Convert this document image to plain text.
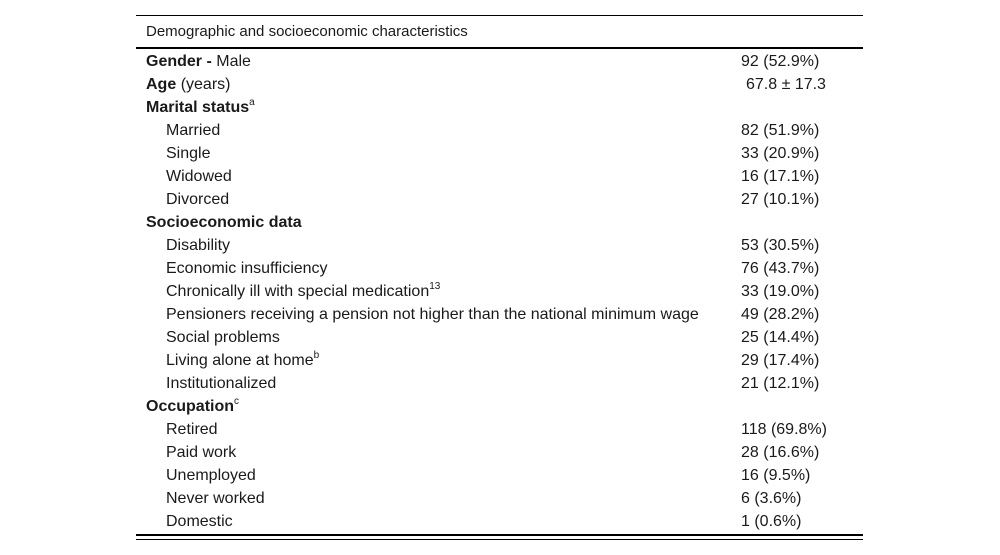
Demographic and socioeconomic characteristics
Gender - Male	92 (52.9%)
Age (years)	67.8 ± 17.3
Marital status$^a$
Married	82 (51.9%)
Single	33 (20.9%)
Widowed	16 (17.1%)
Divorced	27 (10.1%)
Socioeconomic data
Disability	53 (30.5%)
Economic insufficiency	76 (43.7%)
Chronically ill with special medication$^{13}$	33 (19.0%)
Pensioners receiving a pension not higher than the national minimum wage	49 (28.2%)
Social problems	25 (14.4%)
Living alone at home$^b$	29 (17.4%)
Institutionalized	21 (12.1%)
Occupation$^c$
Retired	118 (69.8%)
Paid work	28 (16.6%)
Unemployed	16 (9.5%)
Never worked	6 (3.6%)
Domestic	1 (0.6%)
